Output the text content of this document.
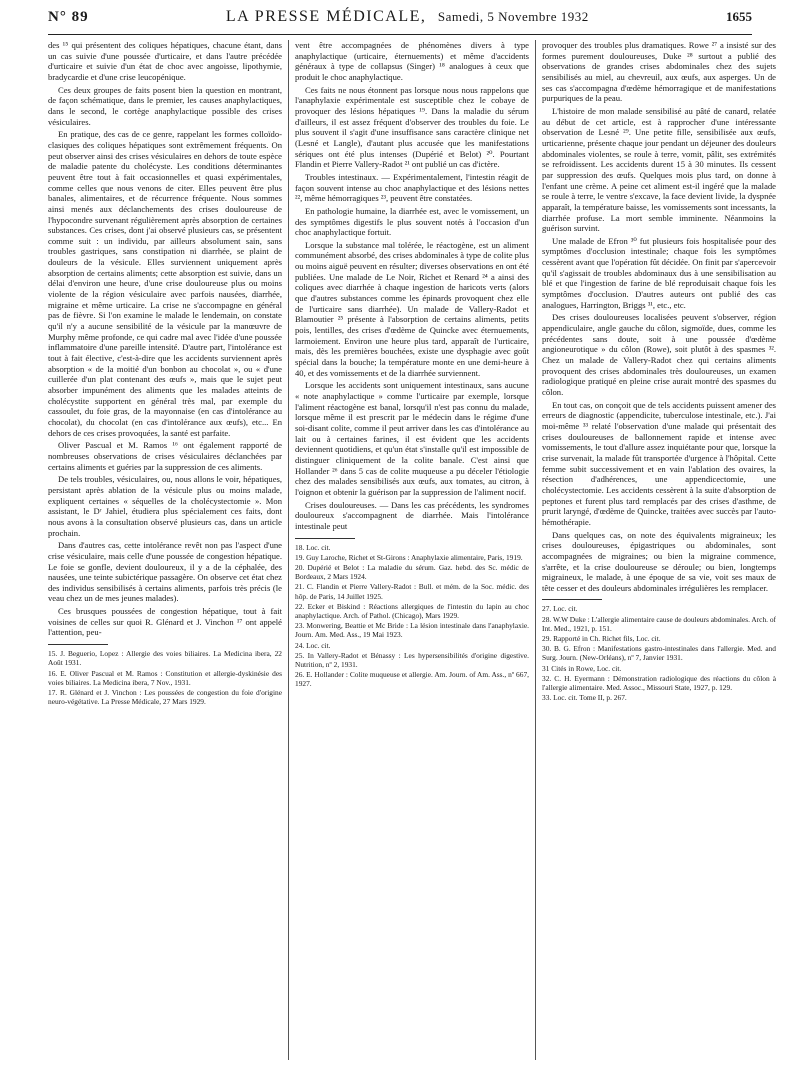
N° 89	LA PRESSE MÉDICALE, Samedi, 5 Novembre 1932	1655

des ¹⁵ qui présentent des coliques hépatiques, chacune étant, dans un cas suivie d'une poussée d'urticaire, et dans l'autre précédée d'urticaire et suivie d'un état de choc avec angoisse, lipothymie, bradycardie et d'une crise leucopénique.

Ces deux groupes de faits posent bien la question en montrant, de façon schématique, dans le premier, les causes anaphylactiques, dans le second, le cortège anaphylactique possible des crises vésiculaires.

En pratique, des cas de ce genre, rappelant les formes colloïdo-clasiques des coliques hépatiques sont extrêmement fréquents. On peut observer ainsi des crises vésiculaires en dehors de toute espèce de maladie patente du cholécyste. Les conditions déterminantes peuvent être tout à fait occasionnelles et quasi expérimentales, comme celles que nous venons de citer. Elles peuvent être plus banales, alimentaires, et de récurrence fréquente. Nous sommes ainsi menés aux déclanchements des crises douloureuse de l'hypocondre survenant régulièrement après absorption de certaines substances. Ces crises, dont j'ai observé plusieurs cas, se présentent comme suit : un individu, par ailleurs absolument sain, sans troubles gastriques, sans constipation ni diarrhée, se plaint de douleurs de la vésicule. Elles surviennent uniquement après absorption de certains aliments; cette absorption est suivie, dans un délai d'environ une heure, d'une crise douloureuse plus ou moins violente de la région vésiculaire avec parfois nausées, diarrhée, migraine et même urticaire. La crise ne s'accompagne en général pas de fièvre. Si l'on examine le malade le lendemain, on constate qu'il n'y a aucune sensibilité de la vésicule par la manœuvre de Murphy même profonde, ce qui cadre mal avec l'idée d'une poussée inflammatoire d'une pareille intensité. D'autre part, l'intolérance est tout à fait élective, c'est-à-dire que les accidents surviennent après absorption « de la moitié d'un bonbon au chocolat », ou « d'une cuillerée d'un plat contenant des œufs », mais que le sujet peut absorber impunément des aliments que les malades atteints de cholécystite supportent en général très mal, par exemple du cassoulet, du foie gras, de la mayonnaise (en cas d'intolérance au chocolat), du chocolat (en cas d'intolérance aux œufs), etc... En dehors de ces crises provoquées, la santé est parfaite.

Oliver Pascual et M. Ramos ¹⁶ ont également rapporté de nombreuses observations de crises vésiculaires déclanchées par certains aliments et guéries par la suppression de ces aliments.

De tels troubles, vésiculaires, ou, nous allons le voir, hépatiques, persistant après ablation de la vésicule plus ou moins malade, expliquent certaines « séquelles de la cholécystectomie ». Mon assistant, le Dʳ Jahiel, étudiera plus spécialement ces faits, dont nous avons à la consultation observé plusieurs cas, dans un article prochain.

Dans d'autres cas, cette intolérance revêt non pas l'aspect d'une crise vésiculaire, mais celle d'une poussée de congestion hépatique. Le foie se gonfle, devient douloureux, il y a de la céphalée, des nausées, une teinte subictérique passagère. On observe cet état chez des individus sensibilisés à certains aliments, parfois très précis (le veau chez un de mes jeunes malades).

Ces brusques poussées de congestion hépatique, tout à fait voisines de celles sur quoi R. Glénard et J. Vinchon ¹⁷ ont appelé l'attention, peu-

15. J. Beguerio, Lopez : Allergie des voies biliaires. La Medicina ibera, 22 Août 1931.

16. E. Oliver Pascual et M. Ramos : Constitution et allergie-dyskinésie des voies biliaires. La Medicina ibera, 7 Nov., 1931.

17. R. Glénard et J. Vinchon : Les poussées de congestion du foie d'origine neuro-végétative. La Presse Médicale, 27 Mars 1929.

vent être accompagnées de phénomènes divers à type anaphylactique (urticaire, éternuements) et même d'accidents généraux à type de collapsus (Singer) ¹⁸ analogues à ceux que produit le choc anaphylactique.

Ces faits ne nous étonnent pas lorsque nous nous rappelons que l'anaphylaxie expérimentale est susceptible chez le cobaye de provoquer des lésions hépatiques ¹⁹. Dans la maladie du sérum d'ailleurs, il est assez fréquent d'observer des troubles du foie. Le plus souvent il s'agit d'une insuffisance sans caractère clinique net (Lesné et Langle), d'autant plus accusée que les manifestations sériques ont été plus intenses (Dupérié et Belot) ²⁰. Pourtant Flandin et Pierre Vallery-Radot ²¹ ont publié un cas d'ictère.

Troubles intestinaux. — Expérimentalement, l'intestin réagit de façon souvent intense au choc anaphylactique et des lésions nettes ²², même hémorragiques ²³, peuvent être constatées.

En pathologie humaine, la diarrhée est, avec le vomissement, un des symptômes digestifs le plus souvent notés à l'occasion d'un choc anaphylactique fortuit.

Lorsque la substance mal tolérée, le réactogène, est un aliment communément absorbé, des crises abdominales à type de colite plus ou moins aiguë peuvent en résulter; diverses observations en ont été publiées. Une malade de Le Noir, Richet et Renard ²⁴ a ainsi des coliques avec diarrhée à chaque ingestion de haricots verts (alors que d'autres substances comme les épinards provoquent chez elle de l'urticaire sans diarrhée). Un malade de Vallery-Radot et Blamoutier ²⁵ présente à l'absorption de certains aliments, petits pois, lentilles, des crises d'œdème de Quincke avec éternuements, larmoiement. Environ une heure plus tard, apparaît de l'urticaire, mais, dès les premières bouchées, existe une dysphagie avec goût spécial dans la bouche; la température monte en une demi-heure à 40, et des vomissements et de la diarrhée surviennent.

Lorsque les accidents sont uniquement intestinaux, sans aucune « note anaphylactique » comme l'urticaire par exemple, lorsque l'aliment réactogène est banal, lorsqu'il n'est pas connu du malade, lorsque même il est prescrit par le médecin dans le régime d'une soi-disant colite, comme il peut arriver dans les cas d'intolérance au lait ou à certaines farines, il est évident que les accidents deviennent quotidiens, et qu'un état s'installe qu'il est impossible de distinguer cliniquement de la colite banale. C'est ainsi que Hollander ²⁶ dans 5 cas de colite muqueuse a pu déceler l'étiologie chez des malades sensibilisés aux œufs, aux tomates, au citron, à l'oignon et obtenir la guérison par la suppression de l'aliment nocif.

Crises douloureuses. — Dans les cas précédents, les syndromes douloureux s'accompagnent de diarrhée. Mais l'intolérance intestinale peut

18. Loc. cit.

19. Guy Laroche, Richet et St-Girons : Anaphylaxie alimentaire, Paris, 1919.

20. Dupérié et Belot : La maladie du sérum. Gaz. hebd. des Sc. médic de Bordeaux, 2 Mars 1924.

21. C. Flandin et Pierre Vallery-Radot : Bull. et mém. de la Soc. médic. des hôp. de Paris, 14 Juillet 1925.

22. Ecker et Biskind : Réactions allergiques de l'intestin du lapin au choc anaphylactique. Arch. of Pathol. (Chicago), Mars 1929.

23. Monwering, Beattie et Mc Bride : La lésion intestinale dans l'anaphylaxie. Journ. Am. Med. Ass., 19 Mai 1923.

24. Loc. cit.

25. In Vallery-Radot et Bénassy : Les hypersensibilités d'origine digestive. Nutrition, nº 2, 1931.

26. E. Hollander : Colite muqueuse et allergie. Am. Journ. of Am. Ass., nº 667, 1927.

provoquer des troubles plus dramatiques. Rowe ²⁷ a insisté sur des formes purement douloureuses, Duke ²⁸ surtout a publié des observations de grandes crises abdominales chez des sujets sensibilisés au miel, au chevreuil, aux œufs, aux asperges. Un de ses cas s'accompagna d'œdème hémorragique et de manifestations purpuriques de la peau.

L'histoire de mon malade sensibilisé au pâté de canard, relatée au début de cet article, est à rapprocher d'une intéressante observation de Lesné ²⁹. Une petite fille, sensibilisée aux œufs, urticarienne, présente chaque jour pendant un déjeuner des douleurs abdominales violentes, se roule à terre, vomit, pâlit, ses extrémités se refroidissent. Les accidents durent 15 à 30 minutes. Ils cessent par suppression des œufs. Quelques mois plus tard, on donne à l'enfant une crème. A peine cet aliment est-il ingéré que la malade se roule à terre, le ventre s'excave, la face devient livide, la dyspnée apparaît, la température baisse, les vomissements sont incessants, la diarrhée profuse. La mort semble imminente. Néanmoins la guérison survint.

Une malade de Efron ³⁰ fut plusieurs fois hospitalisée pour des symptômes d'occlusion intestinale; chaque fois les symptômes cessèrent avant que l'opération fût décidée. On finit par s'apercevoir qu'il s'agissait de troubles abdominaux dus à une sensibilisation au blé et que l'ingestion de farine de blé reproduisait chaque fois les symptômes d'occlusion. D'autres auteurs ont publié des cas analogues, Harrington, Briggs ³¹, etc., etc.

Des crises douloureuses localisées peuvent s'observer, région appendiculaire, angle gauche du côlon, sigmoïde, dues, comme les précédentes sans doute, soit à une poussée d'œdème angioneurotique » du côlon (Rowe), soit plutôt à des spasmes ³². Chez un malade de Vallery-Radot chez qui certains aliments provoquent des crises abdominales très douloureuses, un examen radiologique pratiqué en pleine crise aurait montré des spasmes du côlon.

En tout cas, on conçoit que de tels accidents puissent amener des erreurs de diagnostic (appendicite, tuberculose intestinale, etc.). J'ai moi-même ³³ relaté l'observation d'une malade qui présentait des crises douloureuses de ballonnement rapide et intense avec vomissements, le tout d'allure assez inquiétante pour que, lorsque la crise survenait, la malade fût transportée d'urgence à l'hôpital. Cette femme subit successivement et en vain l'ablation des ovaires, la résection d'adhérences, une appendicectomie, une cholécystectomie. Les accidents cessèrent à la suite d'absorption de peptones et furent plus tard remplacés par des crises d'asthme, de prurit laryngé, d'œdème de Quincke, traitées avec succès par l'auto-hémothérapie.

Dans quelques cas, on note des équivalents migraineux; les crises douloureuses, épigastriques ou abdominales, sont accompagnées de migraines; ou bien la migraine commence, s'arrête, et la crise douloureuse se déroule; ou bien, longtemps migraineux, le malade, à une époque de sa vie, voit ses maux de tête cesser et des douleurs abdominales irrégulières les remplacer.

27. Loc. cit.

28. W.W Duke : L'allergie alimentaire cause de douleurs abdominales. Arch. of Int. Med., 1921, p. 151.

29. Rapporté in Ch. Richet fils, Loc. cit.

30. B. G. Efron : Manifestations gastro-intestinales dans l'allergie. Med. and Surg. Journ. (New-Orléans), nº 7, Janvier 1931.

31 Cités in Rowe, Loc. cit.

32. C. H. Eyermann : Démonstration radiologique des réactions du côlon à l'allergie alimentaire. Med. Assoc., Missouri State, 1927, p. 129.

33. Loc. cit. Tome II, p. 267.
